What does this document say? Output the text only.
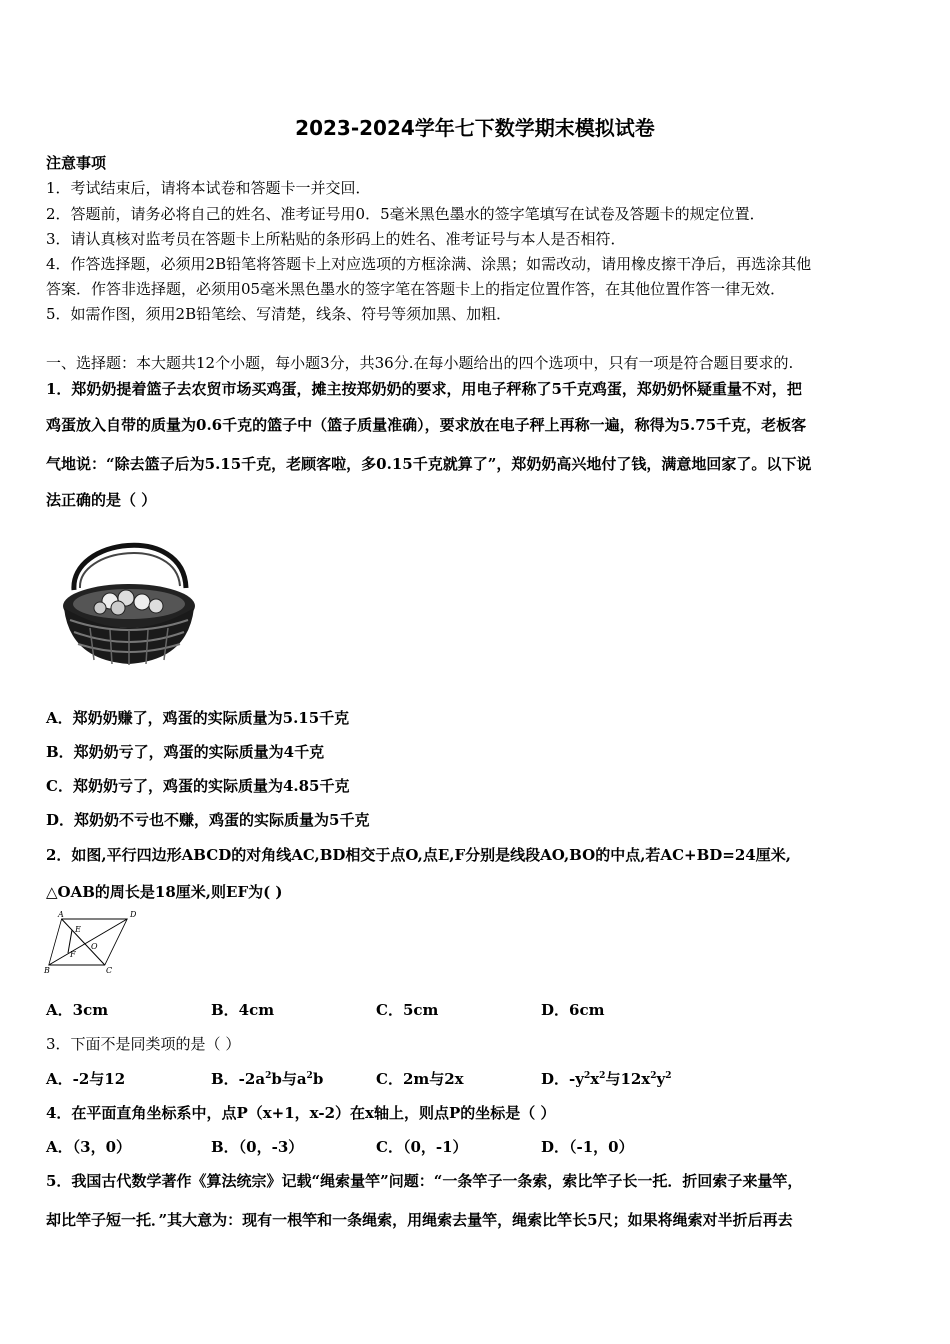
2023-2024学年七下数学期末模拟试卷
注意事项
1．考试结束后，请将本试卷和答题卡一并交回．
2．答题前，请务必将自己的姓名、准考证号用0．5毫米黑色墨水的签字笔填写在试卷及答题卡的规定位置．
3．请认真核对监考员在答题卡上所粘贴的条形码上的姓名、准考证号与本人是否相符．
4．作答选择题，必须用2B铅笔将答题卡上对应选项的方框涂满、涂黑；如需改动，请用橡皮擦干净后，再选涂其他
答案．作答非选择题，必须用05毫米黑色墨水的签字笔在答题卡上的指定位置作答，在其他位置作答一律无效．
5．如需作图，须用2B铅笔绘、写清楚，线条、符号等须加黑、加粗．
一、选择题：本大题共12个小题，每小题3分，共36分.在每小题给出的四个选项中，只有一项是符合题目要求的.
1．郑奶奶提着篮子去农贸市场买鸡蛋，摊主按郑奶奶的要求，用电子秤称了5千克鸡蛋，郑奶奶怀疑重量不对，把
鸡蛋放入自带的质量为0.6千克的篮子中（篮子质量准确），要求放在电子秤上再称一遍，称得为5.75千克，老板客
气地说：“除去篮子后为5.15千克，老顾客啦，多0.15千克就算了”，郑奶奶高兴地付了钱，满意地回家了。以下说
法正确的是（ ）
A．郑奶奶赚了，鸡蛋的实际质量为5.15千克
B．郑奶奶亏了，鸡蛋的实际质量为4千克
C．郑奶奶亏了，鸡蛋的实际质量为4.85千克
D．郑奶奶不亏也不赚，鸡蛋的实际质量为5千克
2．如图,平行四边形ABCD的对角线AC,BD相交于点O,点E,F分别是线段AO,BO的中点,若AC+BD=24厘米,
△OAB的周长是18厘米,则EF为( )
A	D
B	C
E
F
O
A．3cm	B．4cm	C．5cm	D．6cm
3．下面不是同类项的是（ ）
A．-2与12	B．$-2a^2b$与$a^2b$	C．2m与2x	D．$-y^2x^2$与$12x^2y^2$
4．在平面直角坐标系中，点P（x+1，x-2）在x轴上，则点P的坐标是（ ）
A．（3，0）	B．（0，-3）	C．（0，-1）	D．（-1，0）
5．我国古代数学著作《算法统宗》记载“绳索量竿”问题：“一条竿子一条索，索比竿子长一托．折回索子来量竿，
却比竿子短一托．”其大意为：现有一根竿和一条绳索，用绳索去量竿，绳索比竿长5尺；如果将绳索对半折后再去
